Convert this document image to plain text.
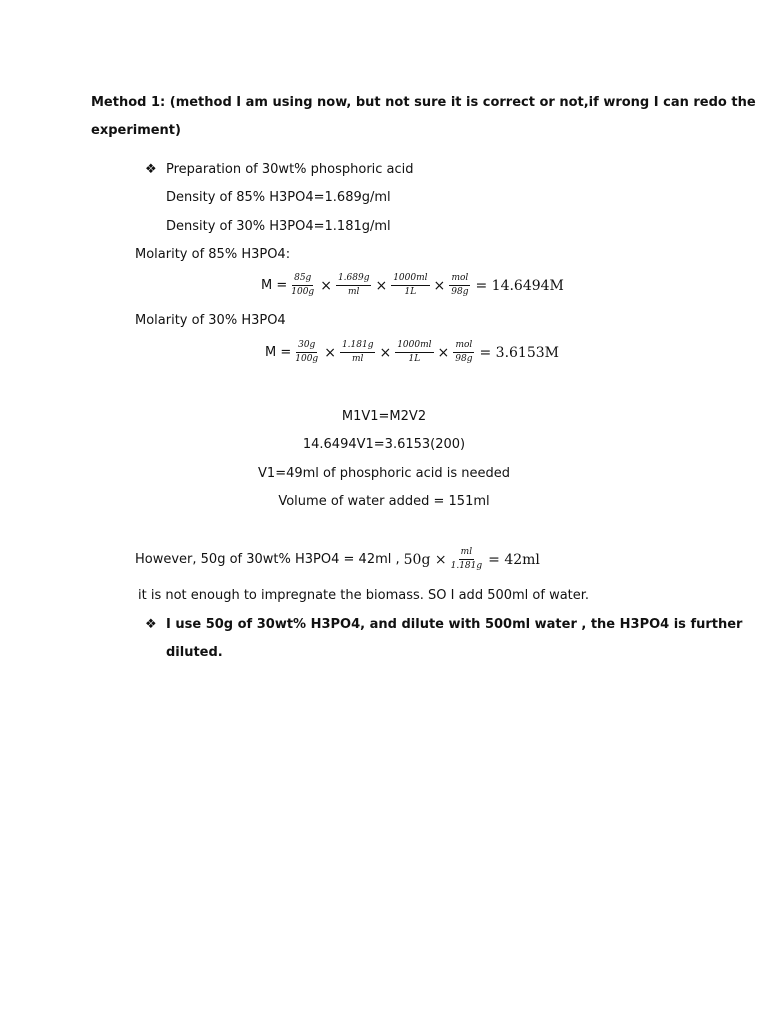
Method 1: (method I am using now, but not sure it is correct or not,if wrong I can redo the
experiment)
❖ Preparation of 30wt% phosphoric acid
Density of 85% H3PO4=1.689g/ml
Density of 30% H3PO4=1.181g/ml
Molarity of 85% H3PO4:
$M = \frac{85g}{100g} \times \frac{1.689g}{ml} \times \frac{1000ml}{1L} \times \frac{\text{mol}}{98g} = 14.6494M$
Molarity of 30% H3PO4
$M = \frac{30g}{100g} \times \frac{1.181g}{ml} \times \frac{1000ml}{1L} \times \frac{\text{mol}}{98g} = 3.6153M$
M1V1=M2V2
14.6494V1=3.6153(200)
V1=49ml of phosphoric acid is needed
Volume of water added = 151ml
However, 50g of 30wt% H3PO4 = 42ml , $50g \times \frac{ml}{1.181g} = 42ml$
it is not enough to impregnate the biomass. SO I add 500ml of water.
❖ I use 50g of 30wt% H3PO4, and dilute with 500ml water , the H3PO4 is further
diluted.
